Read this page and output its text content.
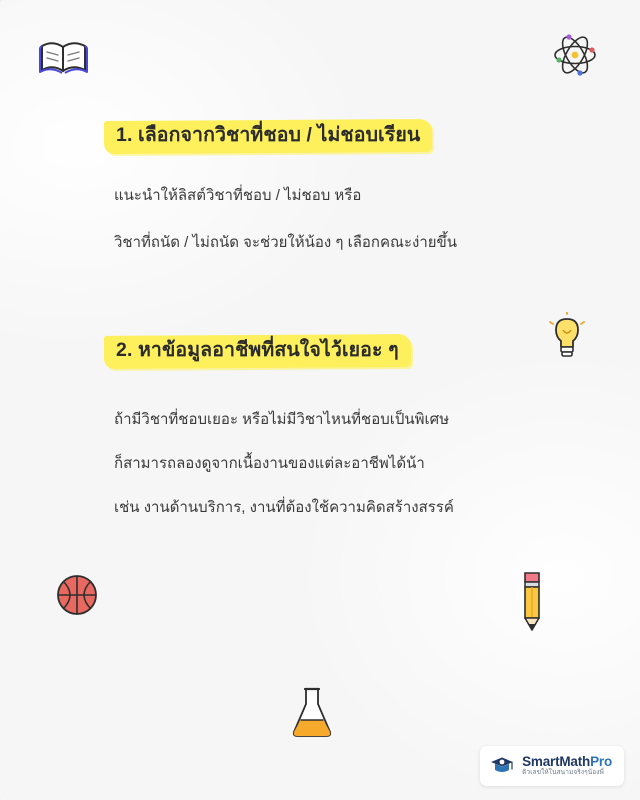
1. เลือกจากวิชาที่ชอบ / ไม่ชอบเรียน
แนะนำให้ลิสต์วิชาที่ชอบ / ไม่ชอบ หรือ
วิชาที่ถนัด / ไม่ถนัด จะช่วยให้น้อง ๆ เลือกคณะง่ายขึ้น
2. หาข้อมูลอาชีพที่สนใจไว้เยอะ ๆ
ถ้ามีวิชาที่ชอบเยอะ หรือไม่มีวิชาไหนที่ชอบเป็นพิเศษ
ก็สามารถลองดูจากเนื้องานของแต่ละอาชีพได้น้า
เช่น งานด้านบริการ, งานที่ต้องใช้ความคิดสร้างสรรค์
SmartMathPro
ติวเลขให้ในสนามจริงๆน้องพี่
